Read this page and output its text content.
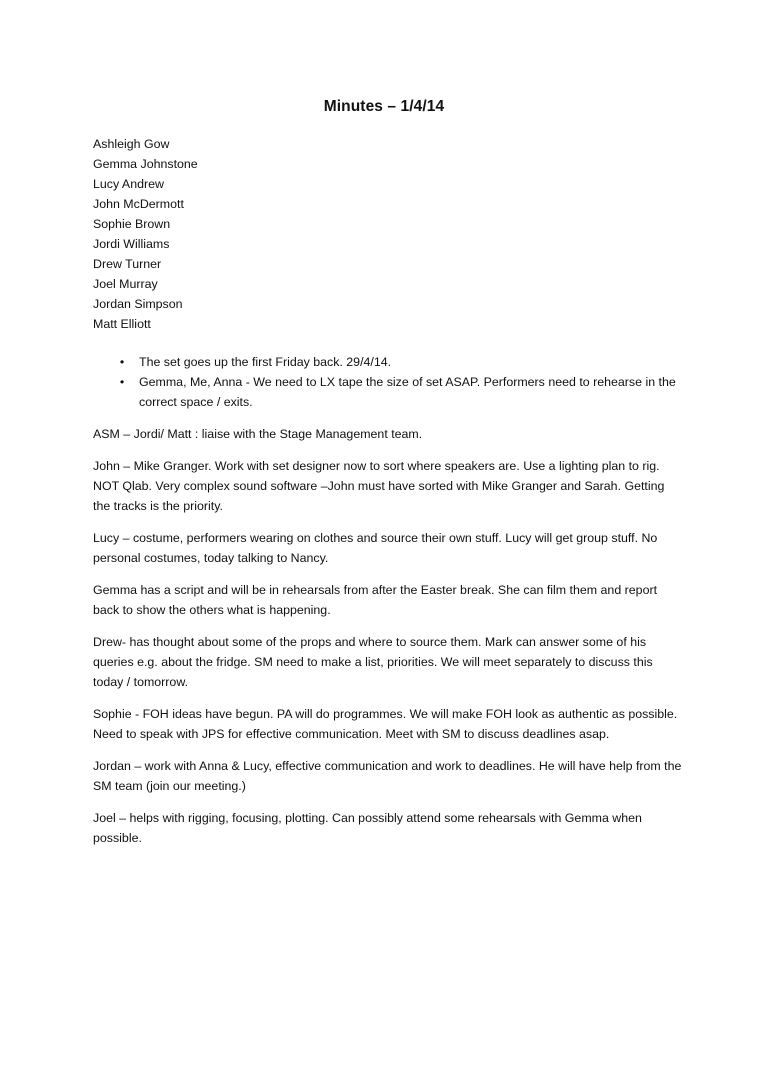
Minutes – 1/4/14
Ashleigh Gow
Gemma Johnstone
Lucy Andrew
John McDermott
Sophie Brown
Jordi Williams
Drew Turner
Joel Murray
Jordan Simpson
Matt Elliott
• The set goes up the first Friday back. 29/4/14.
• Gemma, Me, Anna - We need to LX tape the size of set ASAP. Performers need to rehearse in the correct space / exits.

ASM – Jordi/ Matt : liaise with the Stage Management team.

John – Mike Granger. Work with set designer now to sort where speakers are. Use a lighting plan to rig. NOT Qlab. Very complex sound software –John must have sorted with Mike Granger and Sarah. Getting the tracks is the priority.

Lucy – costume, performers wearing on clothes and source their own stuff. Lucy will get group stuff. No personal costumes, today talking to Nancy.

Gemma has a script and will be in rehearsals from after the Easter break. She can film them and report back to show the others what is happening.

Drew- has thought about some of the props and where to source them. Mark can answer some of his queries e.g. about the fridge. SM need to make a list, priorities. We will meet separately to discuss this today / tomorrow.

Sophie - FOH ideas have begun. PA will do programmes. We will make FOH look as authentic as possible. Need to speak with JPS for effective communication. Meet with SM to discuss deadlines asap.

Jordan – work with Anna & Lucy, effective communication and work to deadlines. He will have help from the SM team (join our meeting.)

Joel – helps with rigging, focusing, plotting. Can possibly attend some rehearsals with Gemma when possible.
